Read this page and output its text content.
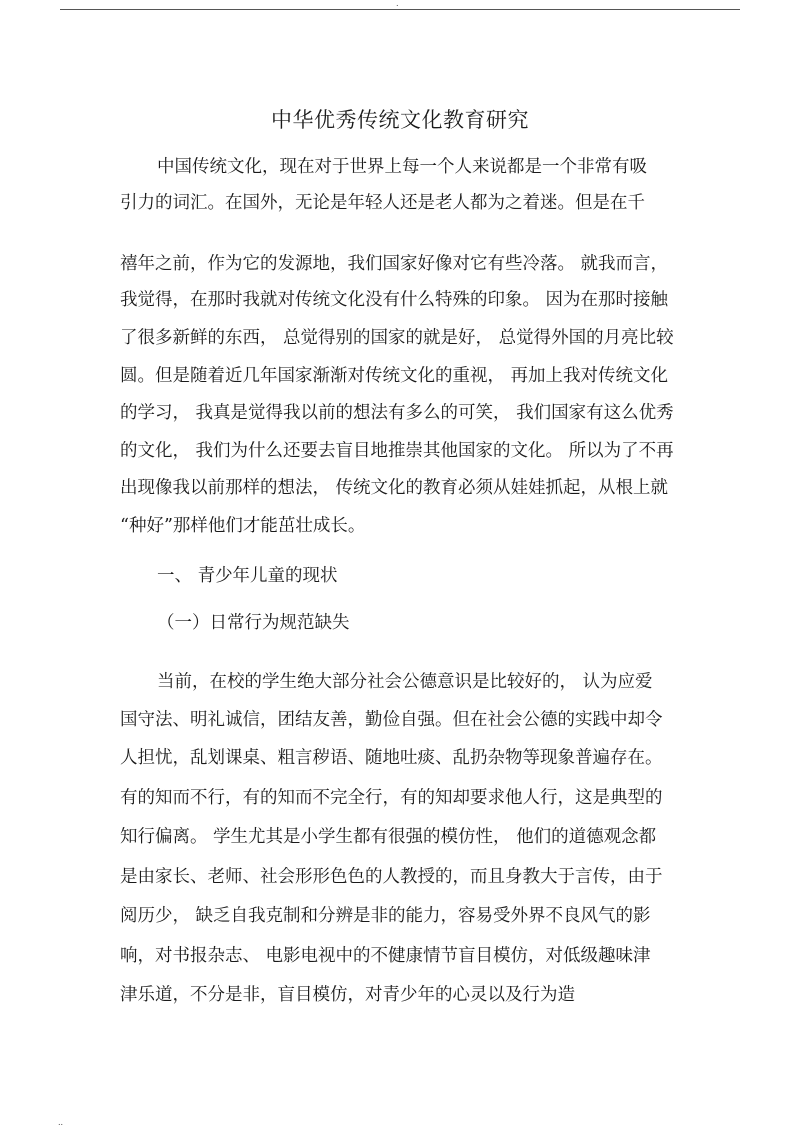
.
中华优秀传统文化教育研究
中国传统文化，现在对于世界上每一个人来说都是一个非常有吸
引力的词汇。在国外，无论是年轻人还是老人都为之着迷。但是在千
禧年之前，作为它的发源地，我们国家好像对它有些冷落。 就我而言，
我觉得，在那时我就对传统文化没有什么特殊的印象。 因为在那时接触
了很多新鲜的东西， 总觉得别的国家的就是好， 总觉得外国的月亮比较
圆。但是随着近几年国家渐渐对传统文化的重视， 再加上我对传统文化
的学习， 我真是觉得我以前的想法有多么的可笑， 我们国家有这么优秀
的文化， 我们为什么还要去盲目地推崇其他国家的文化。 所以为了不再
出现像我以前那样的想法， 传统文化的教育必须从娃娃抓起，从根上就
“种好”那样他们才能茁壮成长。
一、 青少年儿童的现状
（一）日常行为规范缺失
当前，在校的学生绝大部分社会公德意识是比较好的， 认为应爱
国守法、明礼诚信，团结友善，勤俭自强。但在社会公德的实践中却令
人担忧，乱划课桌、粗言秽语、随地吐痰、乱扔杂物等现象普遍存在。
有的知而不行，有的知而不完全行，有的知却要求他人行，这是典型的
知行偏离。 学生尤其是小学生都有很强的模仿性， 他们的道德观念都
是由家长、老师、社会形形色色的人教授的，而且身教大于言传，由于
阅历少， 缺乏自我克制和分辨是非的能力，容易受外界不良风气的影
响，对书报杂志、 电影电视中的不健康情节盲目模仿，对低级趣味津
津乐道，不分是非，盲目模仿，对青少年的心灵以及行为造
..
